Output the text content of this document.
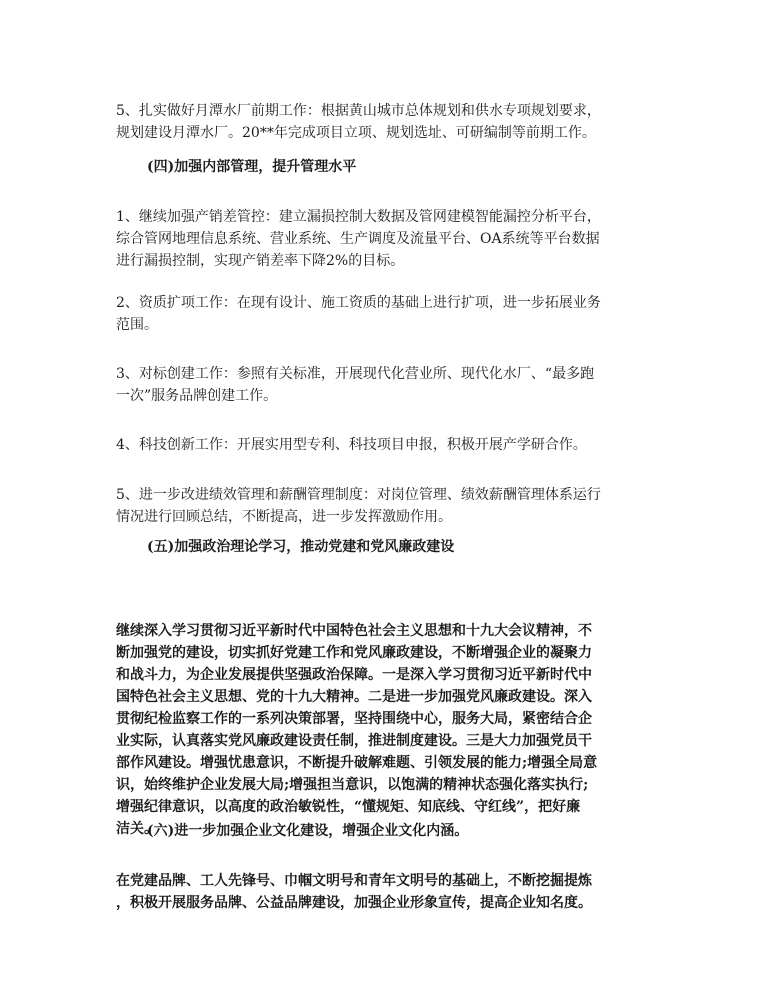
5、扎实做好月潭水厂前期工作：根据黄山城市总体规划和供水专项规划要求，
规划建设月潭水厂。20**年完成项目立项、规划选址、可研编制等前期工作。

(四)加强内部管理，提升管理水平

1、继续加强产销差管控：建立漏损控制大数据及管网建模智能漏控分析平台，
综合管网地理信息系统、营业系统、生产调度及流量平台、OA系统等平台数据
进行漏损控制，实现产销差率下降2%的目标。

2、资质扩项工作：在现有设计、施工资质的基础上进行扩项，进一步拓展业务
范围。

3、对标创建工作：参照有关标准，开展现代化营业所、现代化水厂、“最多跑
一次”服务品牌创建工作。

4、科技创新工作：开展实用型专利、科技项目申报，积极开展产学研合作。

5、进一步改进绩效管理和薪酬管理制度：对岗位管理、绩效薪酬管理体系运行
情况进行回顾总结，不断提高，进一步发挥激励作用。

(五)加强政治理论学习，推动党建和党风廉政建设

继续深入学习贯彻习近平新时代中国特色社会主义思想和十九大会议精神，不
断加强党的建设，切实抓好党建工作和党风廉政建设，不断增强企业的凝聚力
和战斗力，为企业发展提供坚强政治保障。一是深入学习贯彻习近平新时代中
国特色社会主义思想、党的十九大精神。二是进一步加强党风廉政建设。深入
贯彻纪检监察工作的一系列决策部署，坚持围绕中心，服务大局，紧密结合企
业实际，认真落实党风廉政建设责任制，推进制度建设。三是大力加强党员干
部作风建设。增强忧患意识，不断提升破解难题、引领发展的能力;增强全局意
识，始终维护企业发展大局;增强担当意识，以饱满的精神状态强化落实执行;
增强纪律意识，以高度的政治敏锐性，“懂规矩、知底线、守红线”，把好廉
洁关。

(六)进一步加强企业文化建设，增强企业文化内涵。

在党建品牌、工人先锋号、巾帼文明号和青年文明号的基础上，不断挖掘提炼
，积极开展服务品牌、公益品牌建设，加强企业形象宣传，提高企业知名度。
